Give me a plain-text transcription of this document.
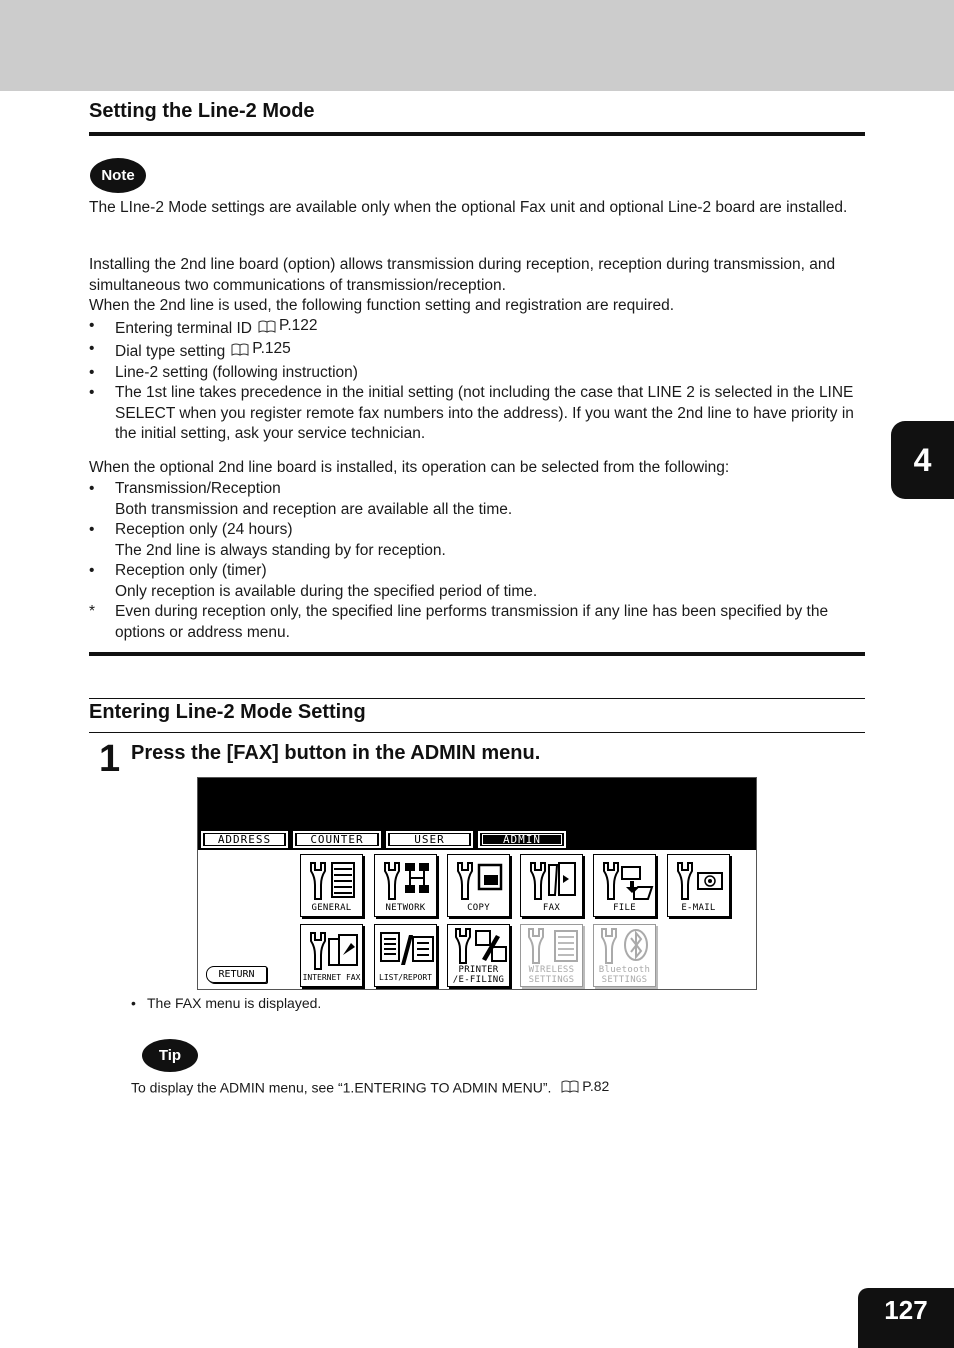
Setting the Line-2 Mode
Note
The LIne-2 Mode settings are available only when the optional Fax unit and optional Line-2 board are installed.
Installing the 2nd line board (option) allows transmission during reception, reception during transmission, and simultaneous two communications of transmission/reception.
When the 2nd line is used, the following function setting and registration are required.
•	Entering terminal ID P.122
•	Dial type setting P.125
•	Line-2 setting (following instruction)
•	The 1st line takes precedence in the initial setting (not including the case that LINE 2 is selected in the LINE SELECT when you register remote fax numbers into the address). If you want the 2nd line to have priority in the initial setting, ask your service technician.
When the optional 2nd line board is installed, its operation can be selected from the following:
•	Transmission/Reception
Both transmission and reception are available all the time.
•	Reception only (24 hours)
The 2nd line is always standing by for reception.
•	Reception only (timer)
Only reception is available during the specified period of time.
*	Even during reception only, the specified line performs transmission if any line has been specified by the options or address menu.
Entering Line-2 Mode Setting
1 Press the [FAX] button in the ADMIN menu.
ADDRESS	COUNTER	USER	ADMIN
GENERAL	NETWORK	COPY	FAX	FILE	E-MAIL
INTERNET FAX	LIST/REPORT
PRINTER /E-FILING
WIRELESS SETTINGS
Bluetooth SETTINGS
RETURN
• The FAX menu is displayed.
Tip
To display the ADMIN menu, see “1.ENTERING TO ADMIN MENU”. P.82
4
127
